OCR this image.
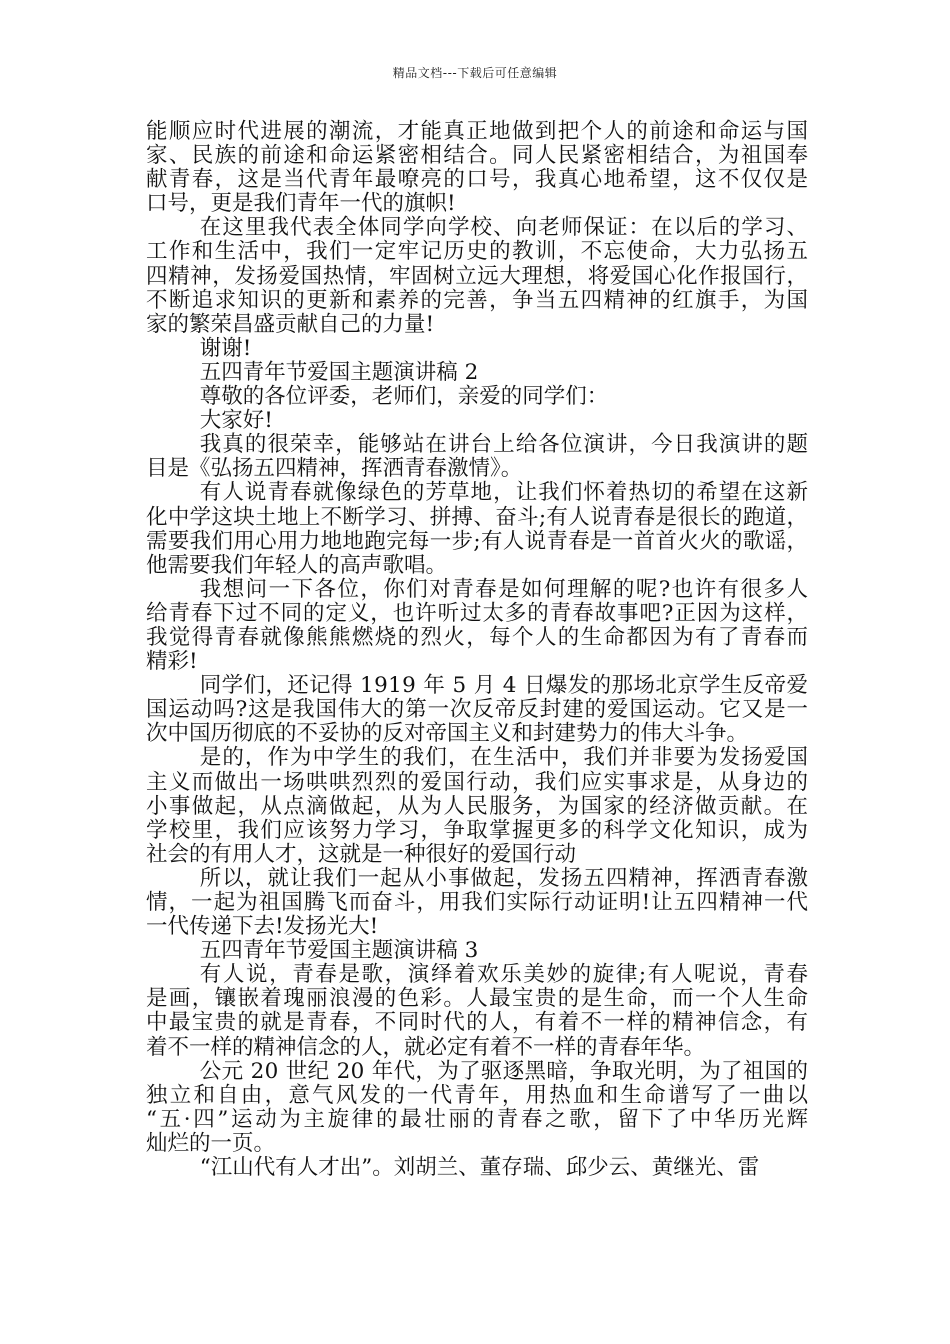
精品文档---下载后可任意编辑
能顺应时代进展的潮流，才能真正地做到把个人的前途和命运与国
家、民族的前途和命运紧密相结合。同人民紧密相结合，为祖国奉
献青春，这是当代青年最嘹亮的口号，我真心地希望，这不仅仅是
口号，更是我们青年一代的旗帜!
在这里我代表全体同学向学校、向老师保证：在以后的学习、
工作和生活中，我们一定牢记历史的教训，不忘使命，大力弘扬五
四精神，发扬爱国热情，牢固树立远大理想，将爱国心化作报国行，
不断追求知识的更新和素养的完善，争当五四精神的红旗手，为国
家的繁荣昌盛贡献自己的力量!
谢谢!
五四青年节爱国主题演讲稿 2
尊敬的各位评委，老师们，亲爱的同学们：
大家好!
我真的很荣幸，能够站在讲台上给各位演讲，今日我演讲的题
目是《弘扬五四精神，挥洒青春激情》。
有人说青春就像绿色的芳草地，让我们怀着热切的希望在这新
化中学这块土地上不断学习、拼搏、奋斗;有人说青春是很长的跑道，
需要我们用心用力地地跑完每一步;有人说青春是一首首火火的歌谣，
他需要我们年轻人的高声歌唱。
我想问一下各位，你们对青春是如何理解的呢?也许有很多人
给青春下过不同的定义，也许听过太多的青春故事吧?正因为这样，
我觉得青春就像熊熊燃烧的烈火，每个人的生命都因为有了青春而
精彩!
同学们，还记得 1919 年 5 月 4 日爆发的那场北京学生反帝爱
国运动吗?这是我国伟大的第一次反帝反封建的爱国运动。它又是一
次中国历彻底的不妥协的反对帝国主义和封建势力的伟大斗争。
是的，作为中学生的我们，在生活中，我们并非要为发扬爱国
主义而做出一场哄哄烈烈的爱国行动，我们应实事求是，从身边的
小事做起，从点滴做起，从为人民服务，为国家的经济做贡献。在
学校里，我们应该努力学习，争取掌握更多的科学文化知识，成为
社会的有用人才，这就是一种很好的爱国行动
所以，就让我们一起从小事做起，发扬五四精神，挥洒青春激
情，一起为祖国腾飞而奋斗，用我们实际行动证明!让五四精神一代
一代传递下去!发扬光大!
五四青年节爱国主题演讲稿 3
有人说，青春是歌，演绎着欢乐美妙的旋律;有人呢说，青春
是画，镶嵌着瑰丽浪漫的色彩。人最宝贵的是生命，而一个人生命
中最宝贵的就是青春，不同时代的人，有着不一样的精神信念，有
着不一样的精神信念的人，就必定有着不一样的青春年华。
公元 20 世纪 20 年代，为了驱逐黑暗，争取光明，为了祖国的
独立和自由，意气风发的一代青年，用热血和生命谱写了一曲以
“五·四”运动为主旋律的最壮丽的青春之歌，留下了中华历光辉
灿烂的一页。
“江山代有人才出”。刘胡兰、董存瑞、邱少云、黄继光、雷
